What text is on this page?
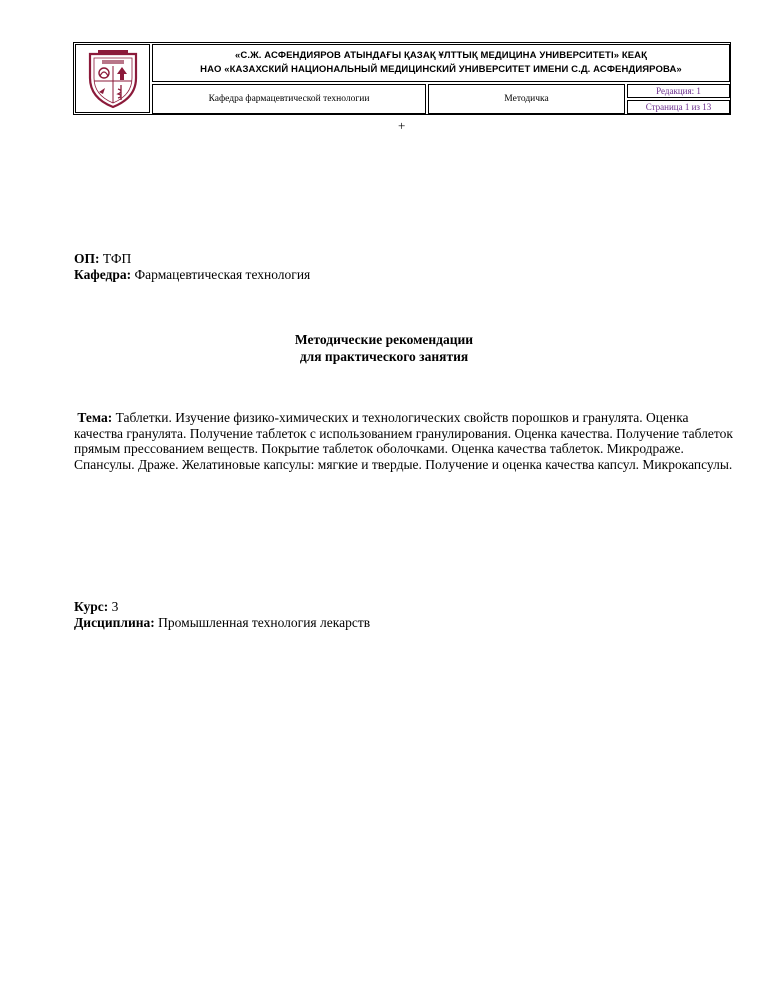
«С.Ж. АСФЕНДИЯРОВ АТЫНДАҒЫ ҚАЗАҚ ҰЛТТЫҚ МЕДИЦИНА УНИВЕРСИТЕТІ» КЕАҚ
НАО «КАЗАХСКИЙ НАЦИОНАЛЬНЫЙ МЕДИЦИНСКИЙ УНИВЕРСИТЕТ ИМЕНИ С.Д. АСФЕНДИЯРОВА»
Кафедра фармацевтической технологии	Методичка
Редакция: 1
Страница 1 из 13
+
ОП: ТФП
Кафедра: Фармацевтическая технология
Методические рекомендации
для практического занятия
Тема: Таблетки. Изучение физико-химических и технологических свойств порошков и гранулята. Оценка качества гранулята. Получение таблеток с использованием гранулирования. Оценка качества. Получение таблеток прямым прессованием веществ. Покрытие таблеток оболочками. Оценка качества таблеток. Микродраже. Спансулы. Драже. Желатиновые капсулы: мягкие и твердые. Получение и оценка качества капсул. Микрокапсулы.
Курс: 3
Дисциплина: Промышленная технология лекарств
